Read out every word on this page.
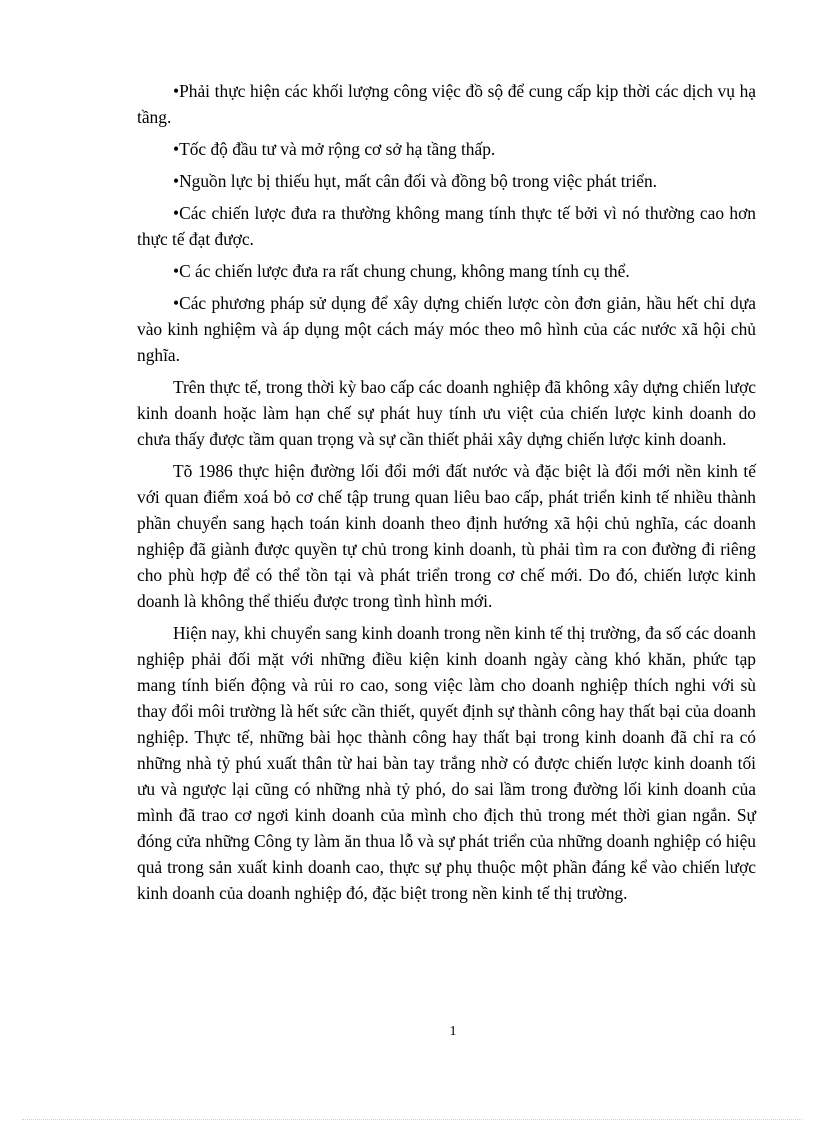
•Phải thực hiện các khối lượng công việc đồ sộ để cung cấp kịp thời các dịch vụ hạ tầng.

•Tốc độ đầu tư và mở rộng cơ sở hạ tầng thấp.

•Nguồn lực bị thiếu hụt, mất cân đối và đồng bộ trong việc phát triển.

•Các chiến lược đưa ra thường không mang tính thực tế bởi vì nó thường cao hơn thực tế đạt được.

•C ác chiến lược đưa ra rất chung chung, không mang tính cụ thể.

•Các phương pháp sử dụng để xây dựng chiến lược còn đơn giản, hầu hết chỉ dựa vào kinh nghiệm và áp dụng một cách máy móc theo mô hình của các nước xã hội chủ nghĩa.

Trên thực tế, trong thời kỳ bao cấp các doanh nghiệp đã không xây dựng chiến lược kinh doanh hoặc làm hạn chế sự phát huy tính ưu việt của chiến lược kinh doanh do chưa thấy được tầm quan trọng và sự cần thiết phải xây dựng chiến lược kinh doanh.

Tõ 1986 thực hiện đường lối đổi mới đất nước và đặc biệt là đổi mới nền kinh tế với quan điểm xoá bỏ cơ chế tập trung quan liêu bao cấp, phát triển kinh tế nhiều thành phần chuyển sang hạch toán kinh doanh theo định hướng xã hội chủ nghĩa, các doanh nghiệp đã giành được quyền tự chủ trong kinh doanh, tù phải tìm ra con đường đi riêng cho phù hợp để có thể tồn tại và phát triển trong cơ chế mới. Do đó, chiến lược kinh doanh là không thể thiếu được trong tình hình mới.

Hiện nay, khi chuyển sang kinh doanh trong nền kinh tế thị trường, đa số các doanh nghiệp phải đối mặt với những điều kiện kinh doanh ngày càng khó khăn, phức tạp mang tính biến động và rủi ro cao, song việc làm cho doanh nghiệp thích nghi với sù thay đổi môi trường là hết sức cần thiết, quyết định sự thành công hay thất bại của doanh nghiệp. Thực tế, những bài học thành công hay thất bại trong kinh doanh đã chỉ ra có những nhà tỷ phú xuất thân từ hai bàn tay trắng nhờ có được chiến lược kinh doanh tối ưu và ngược lại cũng có những nhà tỷ phó, do sai lầm trong đường lối kinh doanh của mình đã trao cơ ngơi kinh doanh của mình cho địch thủ trong mét thời gian ngắn. Sự đóng cửa những Công ty làm ăn thua lỗ và sự phát triển của những doanh nghiệp có hiệu quả trong sản xuất kinh doanh cao, thực sự phụ thuộc một phần đáng kể vào chiến lược kinh doanh của doanh nghiệp đó, đặc biệt trong nền kinh tế thị trường.

1
